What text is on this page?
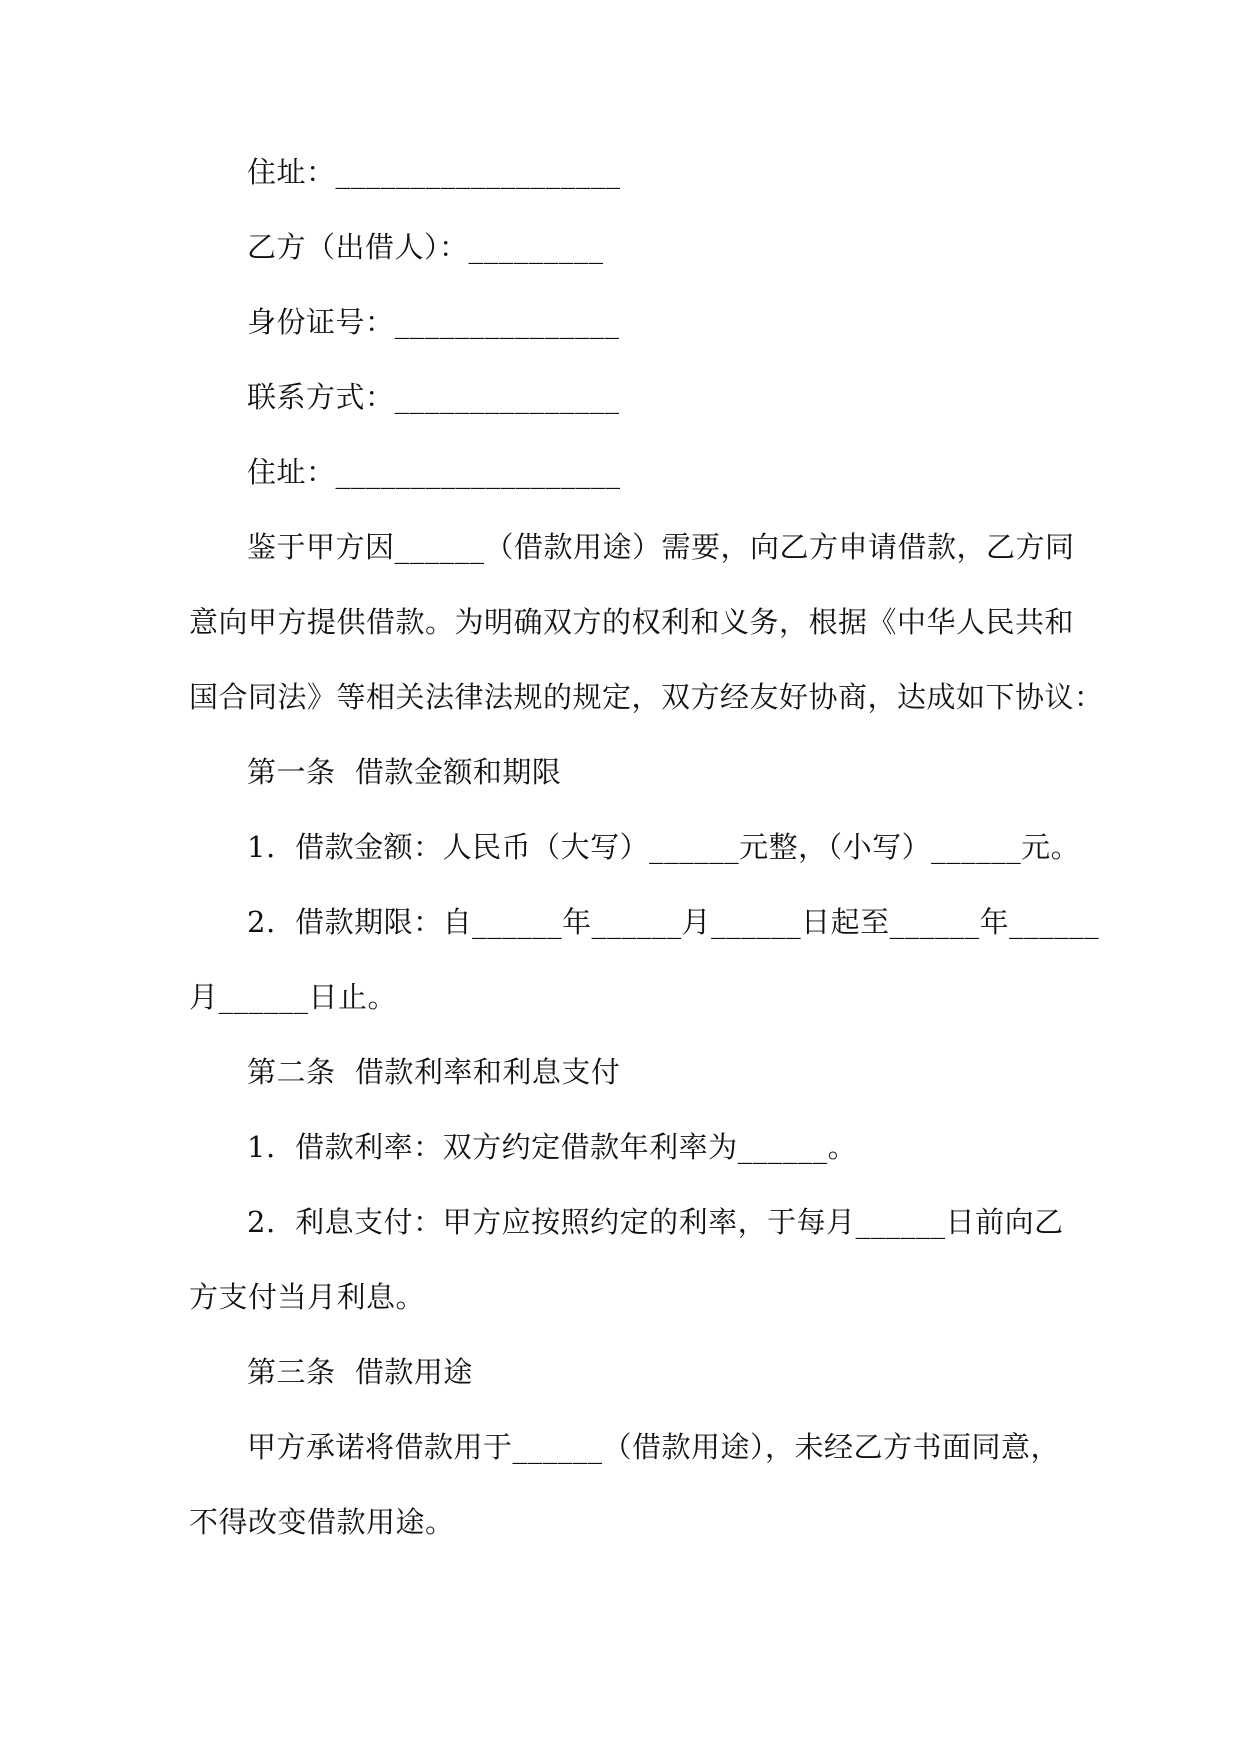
住址：___________________
乙方（出借人）：_________
身份证号：_______________
联系方式：_______________
住址：___________________
鉴于甲方因______（借款用途）需要，向乙方申请借款，乙方同
意向甲方提供借款。为明确双方的权利和义务，根据《中华人民共和
国合同法》等相关法律法规的规定，双方经友好协商，达成如下协议：
第一条  借款金额和期限
1.  借款金额：人民币（大写）______元整，（小写）______元。
2.  借款期限：自______年______月______日起至______年______
月______日止。
第二条  借款利率和利息支付
1.  借款利率：双方约定借款年利率为______。
2.  利息支付：甲方应按照约定的利率，于每月______日前向乙
方支付当月利息。
第三条  借款用途
甲方承诺将借款用于______（借款用途），未经乙方书面同意，
不得改变借款用途。
